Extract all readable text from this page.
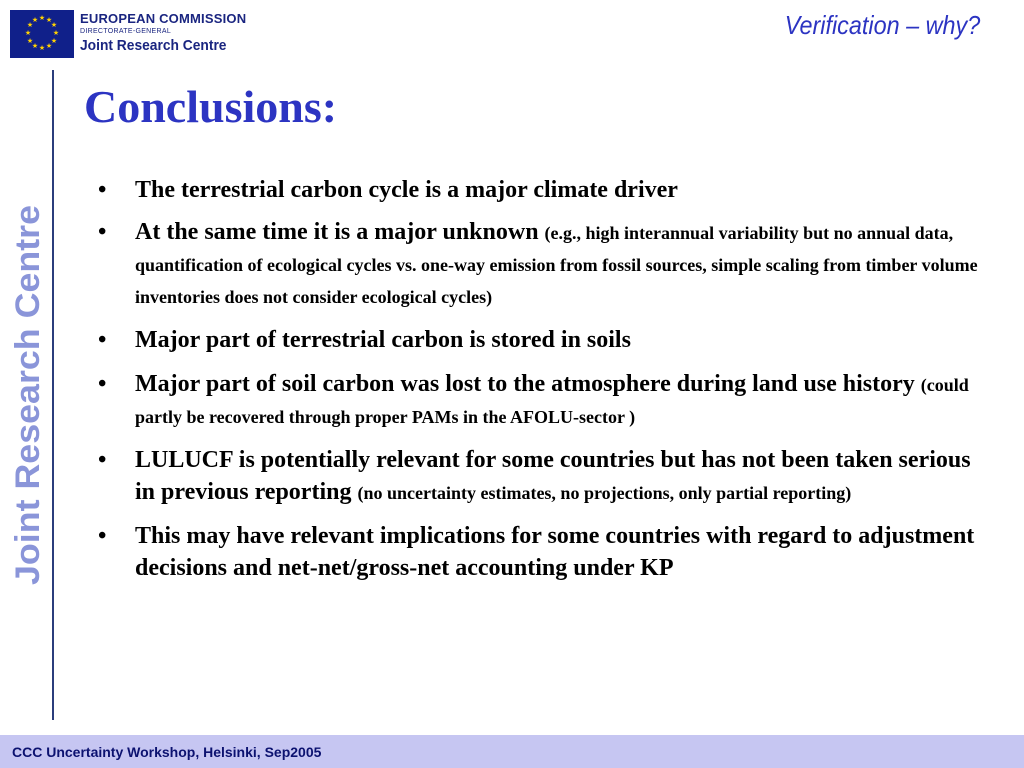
★ ★
★
★
★
★
★
★
★
★
★
★	EUROPEAN COMMISSION
DIRECTORATE-GENERAL
Joint Research Centre
Verification – why?
Joint Research Centre
Conclusions:
• The terrestrial carbon cycle is a major climate driver
• At the same time it is a major unknown (e.g., high interannual variability but no annual data, quantification of ecological cycles vs. one-way emission from fossil sources, simple scaling from timber volume inventories does not consider ecological cycles)
• Major part of terrestrial carbon is stored in soils
• Major part of soil carbon was lost to the atmosphere during land use history (could partly be recovered through proper PAMs in the AFOLU-sector )
• LULUCF is potentially relevant for some countries but has not been taken serious in previous reporting (no uncertainty estimates, no projections, only partial reporting)
• This may have relevant implications for some countries with regard to adjustment decisions and net-net/gross-net accounting under KP
CCC Uncertainty Workshop, Helsinki, Sep2005
